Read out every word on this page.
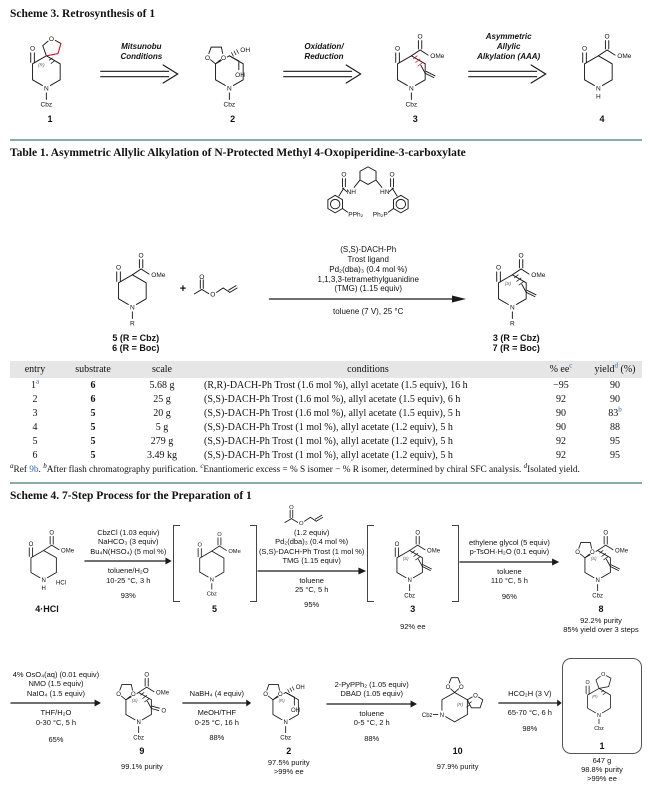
Scheme 3. Retrosynthesis of 1
O
O
(R)
N
Cbz
1
Mitsunobu
Conditions	O O
OH
OH
N
Cbz
2
Oxidation/
Reduction
O
O
OMe
N
Cbz
3
Asymmetric
Allylic
Alkylation (AAA)
O
O
OMe
N
H
4
Table 1. Asymmetric Allylic Alkylation of N-Protected Methyl 4-Oxopiperidine-3-carboxylate
O
O
OMe
N
R
5 (R = Cbz)
6 (R = Boc)
+
O
O
NH	HN
O
PPh₂
O
Ph₂P
(S,S)-DACH-Ph
Trost ligand
Pd₂(dba)₃ (0.4 mol %)
1,1,3,3-tetramethylguanidine
(TMG) (1.15 equiv)
toluene (7 V), 25 °C
O
O
OMe
(S)
N
R
3 (R = Cbz)
7 (R = Boc)
entry	substrate	scale	conditions	% $ee^c$	yield$^d$ (%)
1$^a$	6	5.68 g	(R,R)-DACH-Ph Trost (1.6 mol %), allyl acetate (1.5 equiv), 16 h	−95	90
2	6	25 g	(S,S)-DACH-Ph Trost (1.6 mol %), allyl acetate (1.5 equiv), 6 h	92	90
3	5	20 g	(S,S)-DACH-Ph Trost (1.6 mol %), allyl acetate (1.5 equiv), 5 h	90	83$^b$
4	5	5 g	(S,S)-DACH-Ph Trost (1 mol %), allyl acetate (1.2 equiv), 5 h	90	88
5	5	279 g	(S,S)-DACH-Ph Trost (1 mol %), allyl acetate (1.2 equiv), 5 h	92	95
6	5	3.49 kg	(S,S)-DACH-Ph Trost (1 mol %), allyl acetate (1.2 equiv), 5 h	92	95
$^a$Ref 9b. $^b$After flash chromatography purification. $^c$Enantiomeric excess = % S isomer − % R isomer, determined by chiral SFC analysis. $^d$Isolated yield.
Scheme 4. 7-Step Process for the Preparation of 1
O
O
OMe
N
H
HCl
4·HCl
CbzCl (1.03 equiv)
NaHCO₃ (3 equiv)
Bu₄N(HSO₄) (5 mol %)
toluene/H₂O
10-25 °C, 3 h
93%
O
O
OMe
N
Cbz
5
O
O
(1.2 equiv)
Pd₂(dba)₃ (0.4 mol %)
(S,S)-DACH-Ph Trost (1 mol %)
TMG (1.15 equiv)
toluene
25 °C, 5 h
95%
O
O
OMe
(S)
N
Cbz
3
92% ee
ethylene glycol (5 equiv)
p-TsOH·H₂O (0.1 equiv)
toluene
110 °C, 5 h
96%
O O
O
OMe
(S)
N
Cbz
8
92.2% purity
85% yield over 3 steps
4% OsO₄(aq) (0.01 equiv)
NMO (1.5 equiv)
NaIO₄ (1.5 equiv)
THF/H₂O
0-30 °C, 5 h
65%
O O
O
OMe
(S)
O
N
Cbz
9
99.1% purity
NaBH₄ (4 equiv)
MeOH/THF
0-25 °C, 16 h
88%
O O
(R)
OH
OH
N
Cbz
2
97.5% purity
>99% ee
2-PyPPh₂ (1.05 equiv)
DBAD (1.05 equiv)
toluene
0-5 °C, 2 h
88%
O O
O
(R)
N
Cbz
10
97.9% purity
HCO₂H (3 V)
65-70 °C, 6 h
98%
O
O
(R)
N
Cbz
1
647 g
98.8% purity
>99% ee
